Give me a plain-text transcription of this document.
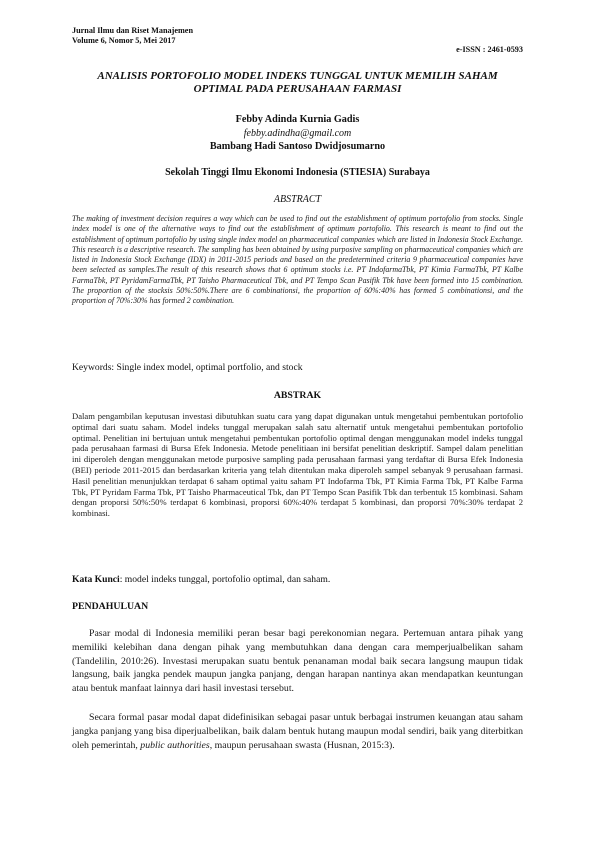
Jurnal Ilmu dan Riset Manajemen
Volume 6, Nomor 5, Mei 2017
e-ISSN : 2461-0593
ANALISIS PORTOFOLIO MODEL INDEKS TUNGGAL UNTUK MEMILIH SAHAM OPTIMAL PADA PERUSAHAAN FARMASI
Febby Adinda Kurnia Gadis
febby.adindha@gmail.com
Bambang Hadi Santoso Dwidjosumarno
Sekolah Tinggi Ilmu Ekonomi Indonesia (STIESIA) Surabaya
ABSTRACT
The making of investment decision requires a way which can be used to find out the establishment of optimum portofolio from stocks. Single index model is one of the alternative ways to find out the establishment of optimum portofolio. This research is meant to find out the establishment of optimum portofolio by using single index model on pharmaceutical companies which are listed in Indonesia Stock Exchange. This research is a descriptive research. The sampling has been obtained by using purposive sampling on pharmaceutical companies which are listed in Indonesia Stock Exchange (IDX) in 2011-2015 periods and based on the predetermined criteria 9 pharmaceutical companies have been selected as samples.The result of this research shows that 6 optimum stocks i.e. PT IndofarmaTbk, PT Kimia FarmaTbk, PT Kalbe FarmaTbk, PT PyridamFarmaTbk, PT Taisho Pharmaceutical Tbk, and PT Tempo Scan Pasifik Tbk have been formed into 15 combination. The proportion of the stocksis 50%:50%.There are 6 combinationsi, the proportion of 60%:40% has formed 5 combinationsi, and the proportion of 70%:30% has formed 2 combination.
Keywords: Single index model, optimal portfolio, and stock
ABSTRAK
Dalam pengambilan keputusan investasi dibutuhkan suatu cara yang dapat digunakan untuk mengetahui pembentukan portofolio optimal dari suatu saham. Model indeks tunggal merupakan salah satu alternatif untuk mengetahui pembentukan portofolio optimal. Penelitian ini bertujuan untuk mengetahui pembentukan portofolio optimal dengan menggunakan model indeks tunggal pada perusahaan farmasi di Bursa Efek Indonesia. Metode penelitiaan ini bersifat penelitian deskriptif. Sampel dalam penelitian ini diperoleh dengan menggunakan metode purposive sampling pada perusahaan farmasi yang terdaftar di Bursa Efek Indonesia (BEI) periode 2011-2015 dan berdasarkan kriteria yang telah ditentukan maka diperoleh sampel sebanyak 9 perusahaan farmasi. Hasil penelitian menunjukkan terdapat 6 saham optimal yaitu saham PT Indofarma Tbk, PT Kimia Farma Tbk, PT Kalbe Farma Tbk, PT Pyridam Farma Tbk, PT Taisho Pharmaceutical Tbk, dan PT Tempo Scan Pasifik Tbk dan terbentuk 15 kombinasi. Saham dengan proporsi 50%:50% terdapat 6 kombinasi, proporsi 60%:40% terdapat 5 kombinasi, dan proporsi 70%:30% terdapat 2 kombinasi.
Kata Kunci: model indeks tunggal, portofolio optimal, dan saham.
PENDAHULUAN
Pasar modal di Indonesia memiliki peran besar bagi perekonomian negara. Pertemuan antara pihak yang memiliki kelebihan dana dengan pihak yang membutuhkan dana dengan cara memperjualbelikan saham (Tandelilin, 2010:26). Investasi merupakan suatu bentuk penanaman modal baik secara langsung maupun tidak langsung, baik jangka pendek maupun jangka panjang, dengan harapan nantinya akan mendapatkan keuntungan atau bentuk manfaat lainnya dari hasil investasi tersebut.
Secara formal pasar modal dapat didefinisikan sebagai pasar untuk berbagai instrumen keuangan atau saham jangka panjang yang bisa diperjualbelikan, baik dalam bentuk hutang maupun modal sendiri, baik yang diterbitkan oleh pemerintah, public authorities, maupun perusahaan swasta (Husnan, 2015:3).
